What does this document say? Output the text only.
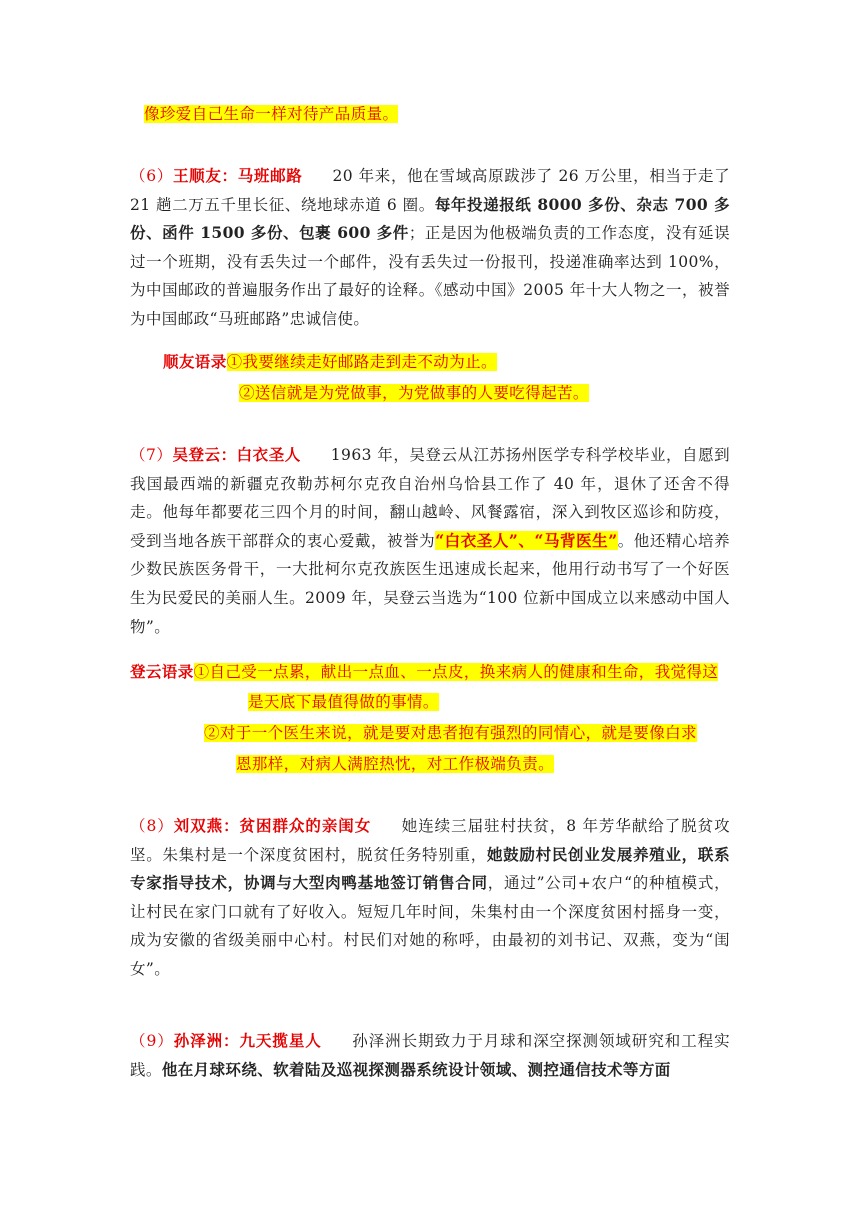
像珍爱自己生命一样对待产品质量。
（6）王顺友：马班邮路 20 年来，他在雪域高原跋涉了 26 万公里，相当于走了 21 趟二万五千里长征、绕地球赤道 6 圈。每年投递报纸 8000 多份、杂志 700 多份、函件 1500 多份、包裹 600 多件；正是因为他极端负责的工作态度，没有延误过一个班期，没有丢失过一个邮件，没有丢失过一份报刊，投递准确率达到 100%，为中国邮政的普遍服务作出了最好的诠释。《感动中国》2005 年十大人物之一，被誉为中国邮政“马班邮路”忠诚信使。
顺友语录①我要继续走好邮路走到走不动为止。
②送信就是为党做事，为党做事的人要吃得起苦。
（7）吴登云：白衣圣人 1963 年，吴登云从江苏扬州医学专科学校毕业，自愿到我国最西端的新疆克孜勒苏柯尔克孜自治州乌恰县工作了 40 年，退休了还舍不得走。他每年都要花三四个月的时间，翻山越岭、风餐露宿，深入到牧区巡诊和防疫，受到当地各族干部群众的衷心爱戴，被誉为“白衣圣人”、“马背医生”。他还精心培养少数民族医务骨干，一大批柯尔克孜族医生迅速成长起来，他用行动书写了一个好医生为民爱民的美丽人生。2009 年，吴登云当选为“100 位新中国成立以来感动中国人物”。
登云语录①自己受一点累，献出一点血、一点皮，换来病人的健康和生命，我觉得这
是天底下最值得做的事情。
②对于一个医生来说，就是要对患者抱有强烈的同情心，就是要像白求
恩那样，对病人满腔热忱，对工作极端负责。
（8）刘双燕：贫困群众的亲闺女 她连续三届驻村扶贫，8 年芳华献给了脱贫攻坚。朱集村是一个深度贫困村，脱贫任务特别重，她鼓励村民创业发展养殖业，联系专家指导技术，协调与大型肉鸭基地签订销售合同，通过”公司+农户“的种植模式，让村民在家门口就有了好收入。短短几年时间，朱集村由一个深度贫困村摇身一变，成为安徽的省级美丽中心村。村民们对她的称呼，由最初的刘书记、双燕，变为“闺女”。
（9）孙泽洲：九天揽星人 孙泽洲长期致力于月球和深空探测领域研究和工程实践。他在月球环绕、软着陆及巡视探测器系统设计领域、测控通信技术等方面
